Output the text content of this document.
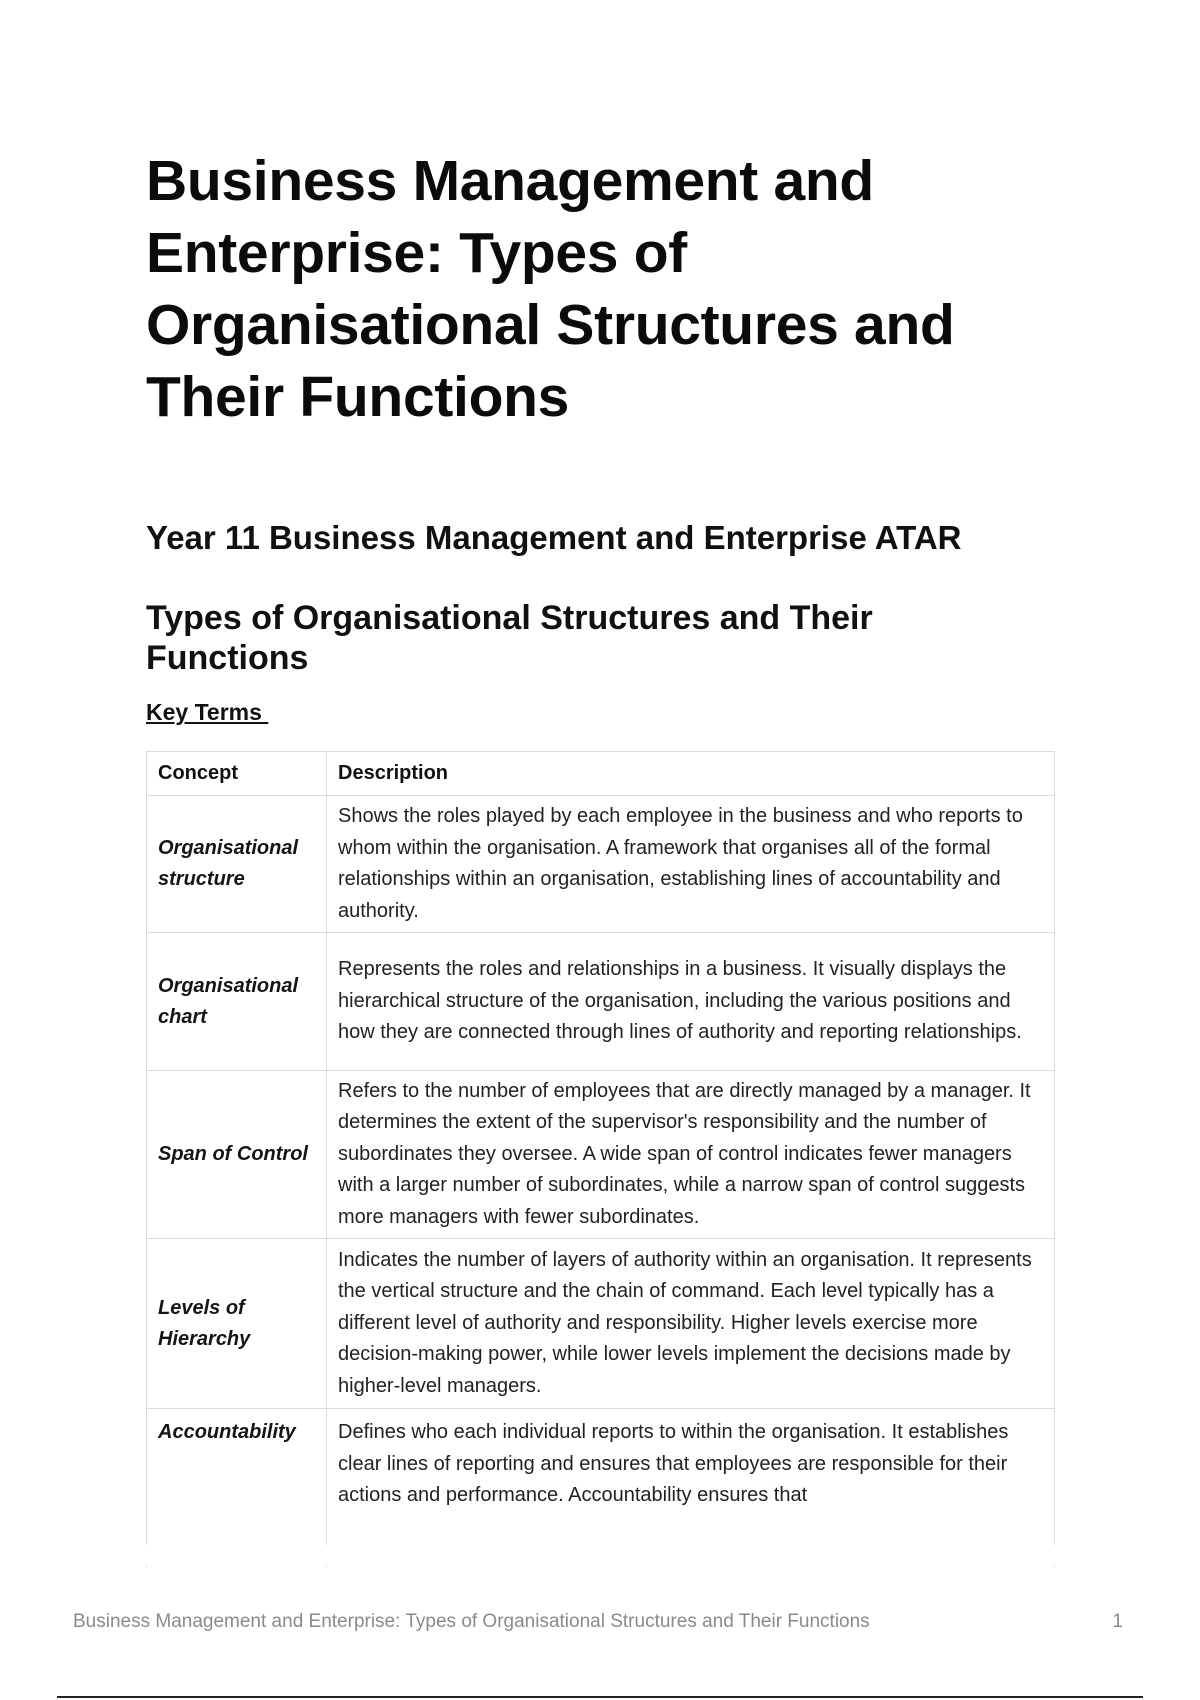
Business Management and Enterprise: Types of Organisational Structures and Their Functions
Year 11 Business Management and Enterprise ATAR
Types of Organisational Structures and Their Functions
Key Terms
Concept	Description
Organisational structure	Shows the roles played by each employee in the business and who reports to whom within the organisation. A framework that organises all of the formal relationships within an organisation, establishing lines of accountability and authority.
Organisational chart	Represents the roles and relationships in a business. It visually displays the hierarchical structure of the organisation, including the various positions and how they are connected through lines of authority and reporting relationships.
Span of Control	Refers to the number of employees that are directly managed by a manager. It determines the extent of the supervisor's responsibility and the number of subordinates they oversee. A wide span of control indicates fewer managers with a larger number of subordinates, while a narrow span of control suggests more managers with fewer subordinates.
Levels of Hierarchy	Indicates the number of layers of authority within an organisation. It represents the vertical structure and the chain of command. Each level typically has a different level of authority and responsibility. Higher levels exercise more decision-making power, while lower levels implement the decisions made by higher-level managers.
Accountability	Defines who each individual reports to within the organisation. It establishes clear lines of reporting and ensures that employees are responsible for their actions and performance. Accountability ensures that
Business Management and Enterprise: Types of Organisational Structures and Their Functions	1
